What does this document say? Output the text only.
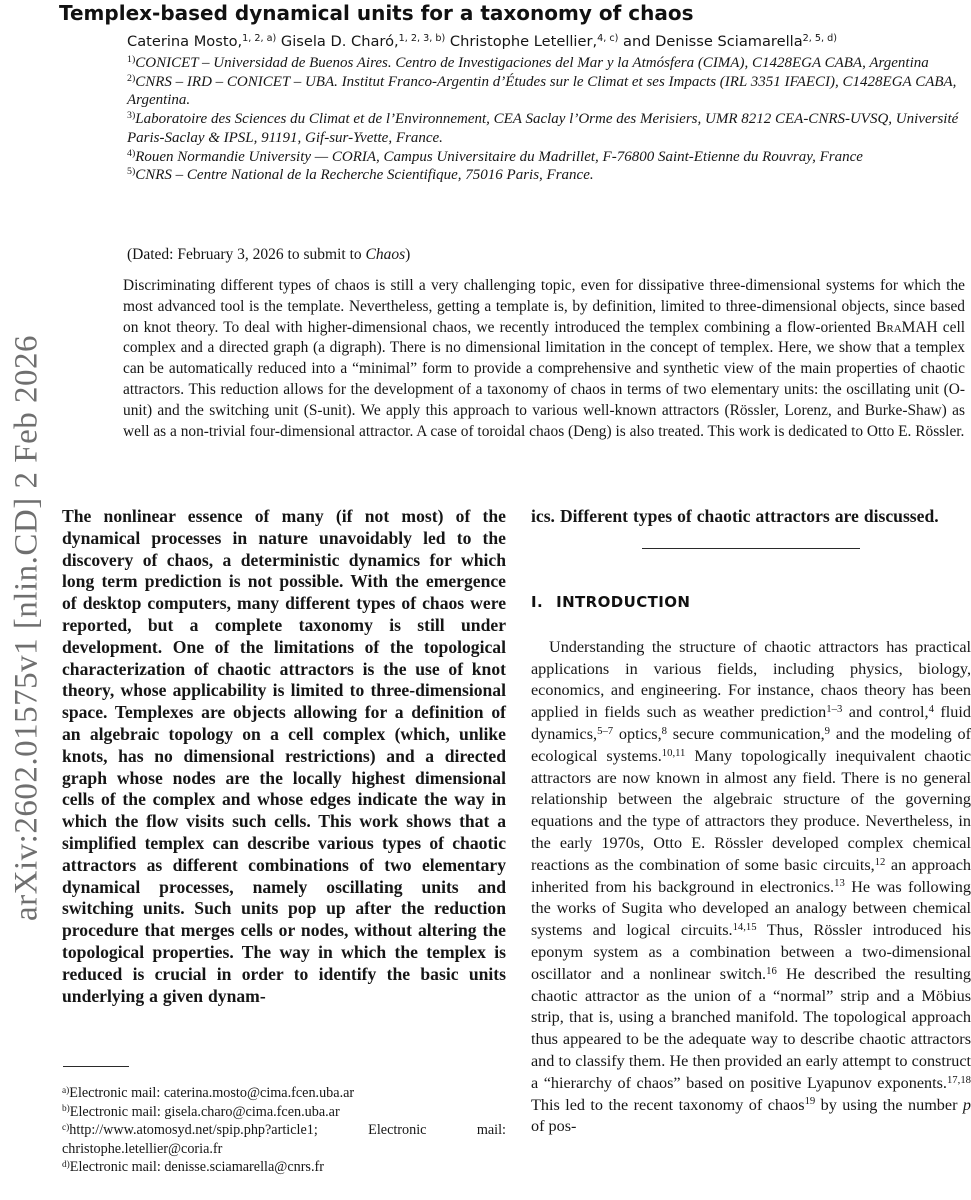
arXiv:2602.01575v1 [nlin.CD] 2 Feb 2026
Templex-based dynamical units for a taxonomy of chaos
Caterina Mosto,$^{1, 2, a)}$ Gisela D. Charó,$^{1, 2, 3, b)}$ Christophe Letellier,$^{4, c)}$ and Denisse Sciamarella$^{2, 5, d)}$
$^{1)}$CONICET – Universidad de Buenos Aires. Centro de Investigaciones del Mar y la Atmósfera (CIMA), C1428EGA CABA, Argentina
$^{2)}$CNRS – IRD – CONICET – UBA. Institut Franco-Argentin d’Études sur le Climat et ses Impacts (IRL 3351 IFAECI), C1428EGA CABA, Argentina.
$^{3)}$Laboratoire des Sciences du Climat et de l’Environnement, CEA Saclay l’Orme des Merisiers, UMR 8212 CEA-CNRS-UVSQ, Université Paris-Saclay & IPSL, 91191, Gif-sur-Yvette, France.
$^{4)}$Rouen Normandie University — CORIA, Campus Universitaire du Madrillet, F-76800 Saint-Etienne du Rouvray, France
$^{5)}$CNRS – Centre National de la Recherche Scientifique, 75016 Paris, France.
(Dated: February 3, 2026 to submit to Chaos)

Discriminating different types of chaos is still a very challenging topic, even for dissipative three-dimensional systems for which the most advanced tool is the template. Nevertheless, getting a template is, by definition, limited to three-dimensional objects, since based on knot theory. To deal with higher-dimensional chaos, we recently introduced the templex combining a flow-oriented BraMAH cell complex and a directed graph (a digraph). There is no dimensional limitation in the concept of templex. Here, we show that a templex can be automatically reduced into a “minimal” form to provide a comprehensive and synthetic view of the main properties of chaotic attractors. This reduction allows for the development of a taxonomy of chaos in terms of two elementary units: the oscillating unit (O-unit) and the switching unit (S-unit). We apply this approach to various well-known attractors (Rössler, Lorenz, and Burke-Shaw) as well as a non-trivial four-dimensional attractor. A case of toroidal chaos (Deng) is also treated. This work is dedicated to Otto E. Rössler.

The nonlinear essence of many (if not most) of the dynamical processes in nature unavoidably led to the discovery of chaos, a deterministic dynamics for which long term prediction is not possible. With the emergence of desktop computers, many different types of chaos were reported, but a complete taxonomy is still under development. One of the limitations of the topological characterization of chaotic attractors is the use of knot theory, whose applicability is limited to three-dimensional space. Templexes are objects allowing for a definition of an algebraic topology on a cell complex (which, unlike knots, has no dimensional restrictions) and a directed graph whose nodes are the locally highest dimensional cells of the complex and whose edges indicate the way in which the flow visits such cells. This work shows that a simplified templex can describe various types of chaotic attractors as different combinations of two elementary dynamical processes, namely oscillating units and switching units. Such units pop up after the reduction procedure that merges cells or nodes, without altering the topological properties. The way in which the templex is reduced is crucial in order to identify the basic units underlying a given dynam-

ics. Different types of chaotic attractors are discussed.

I. INTRODUCTION

Understanding the structure of chaotic attractors has practical applications in various fields, including physics, biology, economics, and engineering. For instance, chaos theory has been applied in fields such as weather prediction$^{1-3}$ and control,$^4$ fluid dynamics,$^{5-7}$ optics,$^8$ secure communication,$^9$ and the modeling of ecological systems.$^{10,11}$ Many topologically inequivalent chaotic attractors are now known in almost any field. There is no general relationship between the algebraic structure of the governing equations and the type of attractors they produce. Nevertheless, in the early 1970s, Otto E. Rössler developed complex chemical reactions as the combination of some basic circuits,$^{12}$ an approach inherited from his background in electronics.$^{13}$ He was following the works of Sugita who developed an analogy between chemical systems and logical circuits.$^{14,15}$ Thus, Rössler introduced his eponym system as a combination between a two-dimensional oscillator and a nonlinear switch.$^{16}$ He described the resulting chaotic attractor as the union of a “normal” strip and a Möbius strip, that is, using a branched manifold. The topological approach thus appeared to be the adequate way to describe chaotic attractors and to classify them. He then provided an early attempt to construct a “hierarchy of chaos” based on positive Lyapunov exponents.$^{17,18}$ This led to the recent taxonomy of chaos$^{19}$ by using the number p of pos-

$^{a)}$Electronic mail: caterina.mosto@cima.fcen.uba.ar
$^{b)}$Electronic mail: gisela.charo@cima.fcen.uba.ar
$^{c)}$http://www.atomosyd.net/spip.php?article1; Electronic mail: christophe.letellier@coria.fr
$^{d)}$Electronic mail: denisse.sciamarella@cnrs.fr
